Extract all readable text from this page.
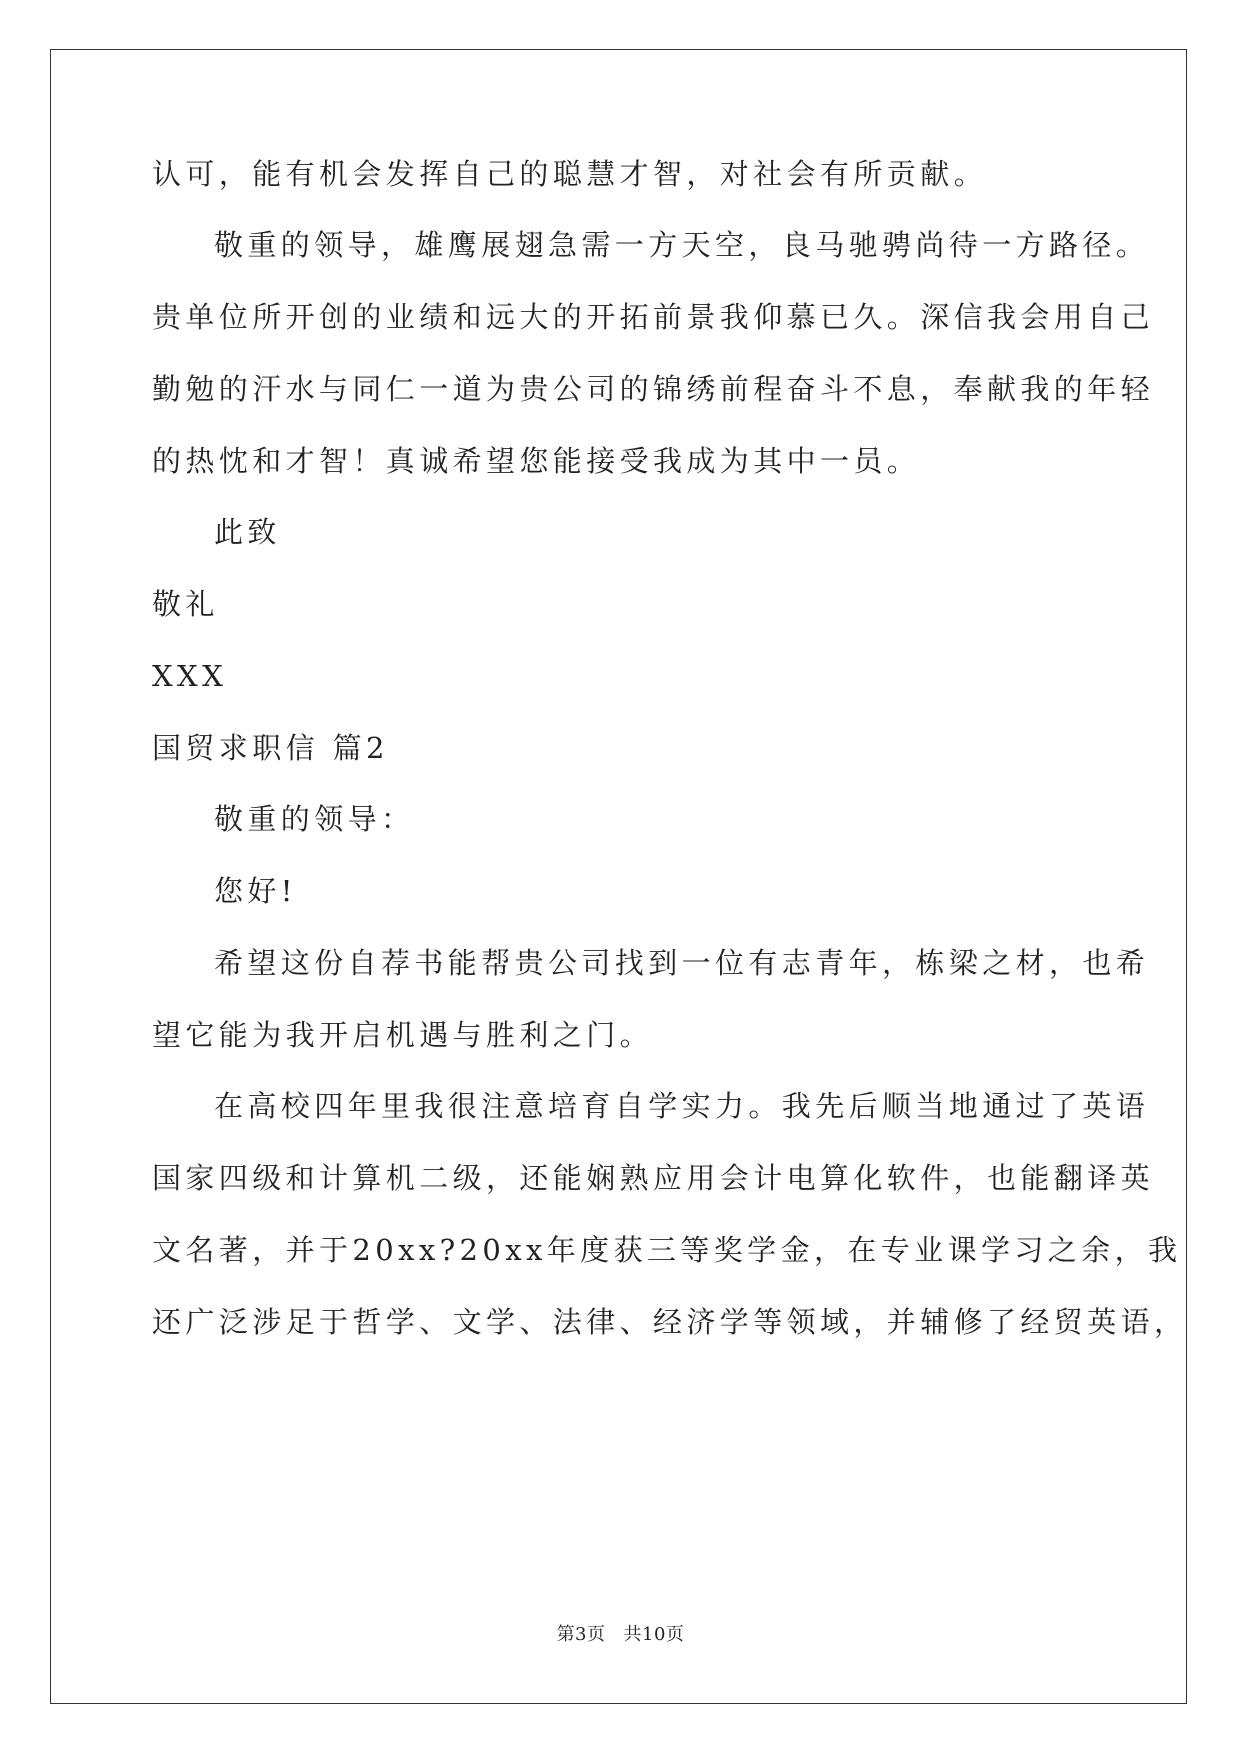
认可，能有机会发挥自己的聪慧才智，对社会有所贡献。
敬重的领导，雄鹰展翅急需一方天空，良马驰骋尚待一方路径。
贵单位所开创的业绩和远大的开拓前景我仰慕已久。深信我会用自己
勤勉的汗水与同仁一道为贵公司的锦绣前程奋斗不息，奉献我的年轻
的热忱和才智！真诚希望您能接受我成为其中一员。
此致
敬礼
XXX
国贸求职信 篇2
敬重的领导：
您好!
希望这份自荐书能帮贵公司找到一位有志青年，栋梁之材，也希
望它能为我开启机遇与胜利之门。
在高校四年里我很注意培育自学实力。我先后顺当地通过了英语
国家四级和计算机二级，还能娴熟应用会计电算化软件，也能翻译英
文名著，并于20xx?20xx年度获三等奖学金，在专业课学习之余，我
还广泛涉足于哲学、文学、法律、经济学等领域，并辅修了经贸英语，
第3页 共10页
